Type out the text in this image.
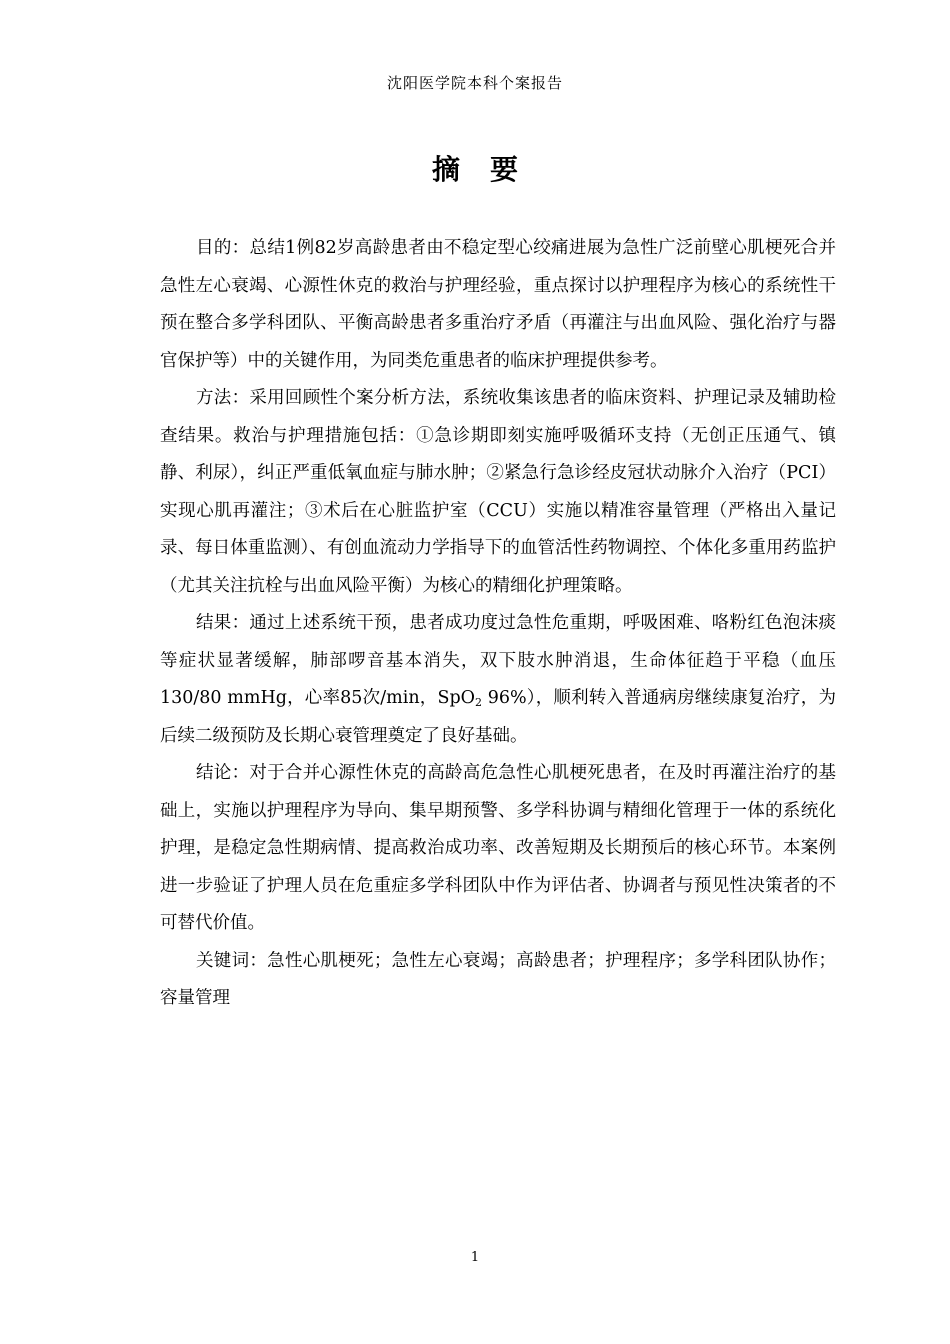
沈阳医学院本科个案报告
摘 要

目的：总结1例82岁高龄患者由不稳定型心绞痛进展为急性广泛前壁心肌梗死合并急性左心衰竭、心源性休克的救治与护理经验，重点探讨以护理程序为核心的系统性干预在整合多学科团队、平衡高龄患者多重治疗矛盾（再灌注与出血风险、强化治疗与器官保护等）中的关键作用，为同类危重患者的临床护理提供参考。

方法：采用回顾性个案分析方法，系统收集该患者的临床资料、护理记录及辅助检查结果。救治与护理措施包括：①急诊期即刻实施呼吸循环支持（无创正压通气、镇静、利尿），纠正严重低氧血症与肺水肿；②紧急行急诊经皮冠状动脉介入治疗（PCI）实现心肌再灌注；③术后在心脏监护室（CCU）实施以精准容量管理（严格出入量记录、每日体重监测）、有创血流动力学指导下的血管活性药物调控、个体化多重用药监护（尤其关注抗栓与出血风险平衡）为核心的精细化护理策略。

结果：通过上述系统干预，患者成功度过急性危重期，呼吸困难、咯粉红色泡沫痰等症状显著缓解，肺部啰音基本消失，双下肢水肿消退，生命体征趋于平稳（血压130/80 mmHg，心率85次/min，SpO$_2$ 96%），顺利转入普通病房继续康复治疗，为后续二级预防及长期心衰管理奠定了良好基础。

结论：对于合并心源性休克的高龄高危急性心肌梗死患者，在及时再灌注治疗的基础上，实施以护理程序为导向、集早期预警、多学科协调与精细化管理于一体的系统化护理，是稳定急性期病情、提高救治成功率、改善短期及长期预后的核心环节。本案例进一步验证了护理人员在危重症多学科团队中作为评估者、协调者与预见性决策者的不可替代价值。

关键词：急性心肌梗死；急性左心衰竭；高龄患者；护理程序；多学科团队协作；容量管理

1
